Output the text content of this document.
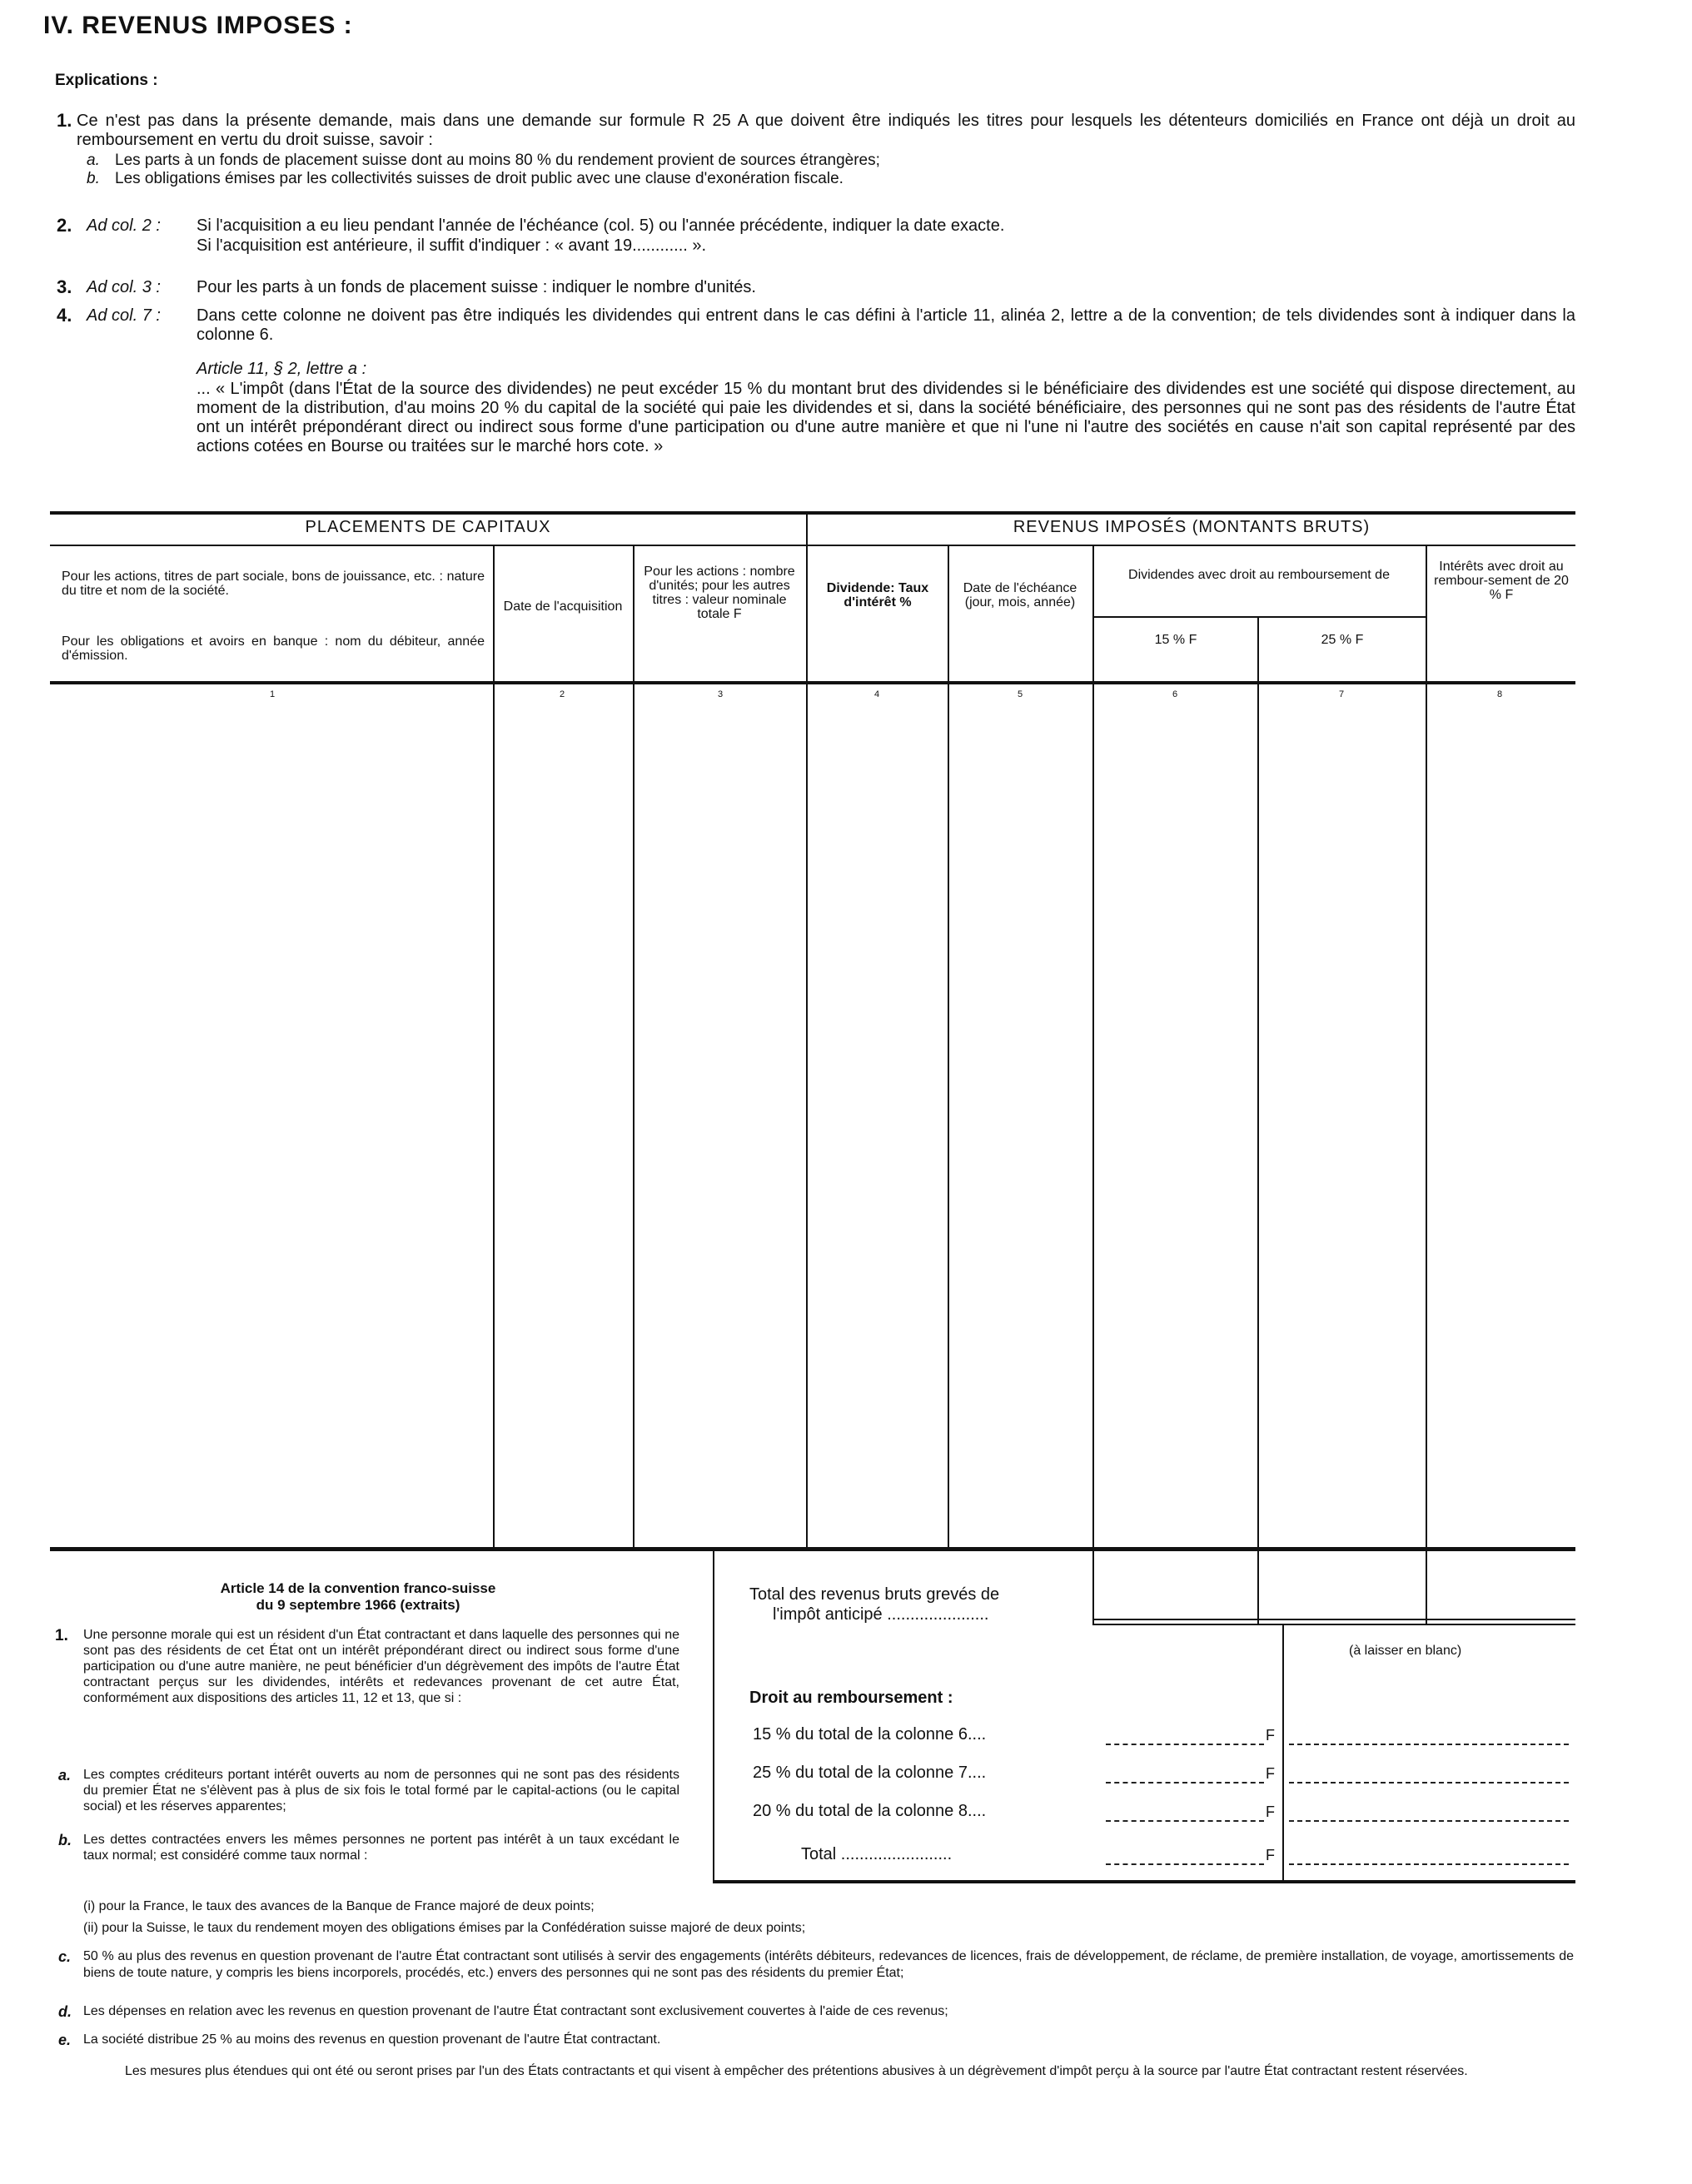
IV. REVENUS IMPOSES :
Explications :
1. Ce n'est pas dans la présente demande, mais dans une demande sur formule R 25 A que doivent être indiqués les titres pour lesquels les détenteurs domiciliés en France ont déjà un droit au remboursement en vertu du droit suisse, savoir :
a. Les parts à un fonds de placement suisse dont au moins 80 % du rendement provient de sources étrangères;
b. Les obligations émises par les collectivités suisses de droit public avec une clause d'exonération fiscale.
2. Ad col. 2 : Si l'acquisition a eu lieu pendant l'année de l'échéance (col. 5) ou l'année précédente, indiquer la date exacte.
Si l'acquisition est antérieure, il suffit d'indiquer : « avant 19............ ».
3. Ad col. 3 : Pour les parts à un fonds de placement suisse : indiquer le nombre d'unités.
4. Ad col. 7 : Dans cette colonne ne doivent pas être indiqués les dividendes qui entrent dans le cas défini à l'article 11, alinéa 2, lettre a de la convention; de tels dividendes sont à indiquer dans la colonne 6.
Article 11, § 2, lettre a :
... « L'impôt (dans l'État de la source des dividendes) ne peut excéder 15 % du montant brut des dividendes si le bénéficiaire des dividendes est une société qui dispose directement, au moment de la distribution, d'au moins 20 % du capital de la société qui paie les dividendes et si, dans la société bénéficiaire, des personnes qui ne sont pas des résidents de l'autre État ont un intérêt prépondérant direct ou indirect sous forme d'une participation ou d'une autre manière et que ni l'une ni l'autre des sociétés en cause n'ait son capital représenté par des actions cotées en Bourse ou traitées sur le marché hors cote. »
PLACEMENTS DE CAPITAUX	REVENUS IMPOSÉS (MONTANTS BRUTS)
Pour les actions, titres de part sociale, bons de jouissance, etc. : nature du titre et nom de la société.
Pour les obligations et avoirs en banque : nom du débiteur, année d'émission.
Date de l'acquisition
Pour les actions : nombre d'unités; pour les autres titres : valeur nominale totale F
Dividende: Taux d'intérêt %
Date de l'échéance (jour, mois, année)
Dividendes avec droit au remboursement de
15 % F	25 % F
Intérêts avec droit au rembour-sement de 20 % F
1	2	3	4	5	6	7	8
Article 14 de la convention franco-suisse
du 9 septembre 1966 (extraits)
1. Une personne morale qui est un résident d'un État contractant et dans laquelle des personnes qui ne sont pas des résidents de cet État ont un intérêt prépondérant direct ou indirect sous forme d'une participation ou d'une autre manière, ne peut bénéficier d'un dégrèvement des impôts de l'autre État contractant perçus sur les dividendes, intérêts et redevances provenant de cet autre État, conformément aux dispositions des articles 11, 12 et 13, que si :
a. Les comptes créditeurs portant intérêt ouverts au nom de personnes qui ne sont pas des résidents du premier État ne s'élèvent pas à plus de six fois le total formé par le capital-actions (ou le capital social) et les réserves apparentes;
b. Les dettes contractées envers les mêmes personnes ne portent pas intérêt à un taux excédant le taux normal; est considéré comme taux normal :
(i) pour la France, le taux des avances de la Banque de France majoré de deux points;
(ii) pour la Suisse, le taux du rendement moyen des obligations émises par la Confédération suisse majoré de deux points;
c. 50 % au plus des revenus en question provenant de l'autre État contractant sont utilisés à servir des engagements (intérêts débiteurs, redevances de licences, frais de développement, de réclame, de première installation, de voyage, amortissements de biens de toute nature, y compris les biens incorporels, procédés, etc.) envers des personnes qui ne sont pas des résidents du premier État;
d. Les dépenses en relation avec les revenus en question provenant de l'autre État contractant sont exclusivement couvertes à l'aide de ces revenus;
e. La société distribue 25 % au moins des revenus en question provenant de l'autre État contractant.
Les mesures plus étendues qui ont été ou seront prises par l'un des États contractants et qui visent à empêcher des prétentions abusives à un dégrèvement d'impôt perçu à la source par l'autre État contractant restent réservées.
Total des revenus bruts grevés de
l'impôt anticipé ......................
(à laisser en blanc)
Droit au remboursement :
15 % du total de la colonne 6....	F
25 % du total de la colonne 7....	F
20 % du total de la colonne 8....	F
Total ........................	F
